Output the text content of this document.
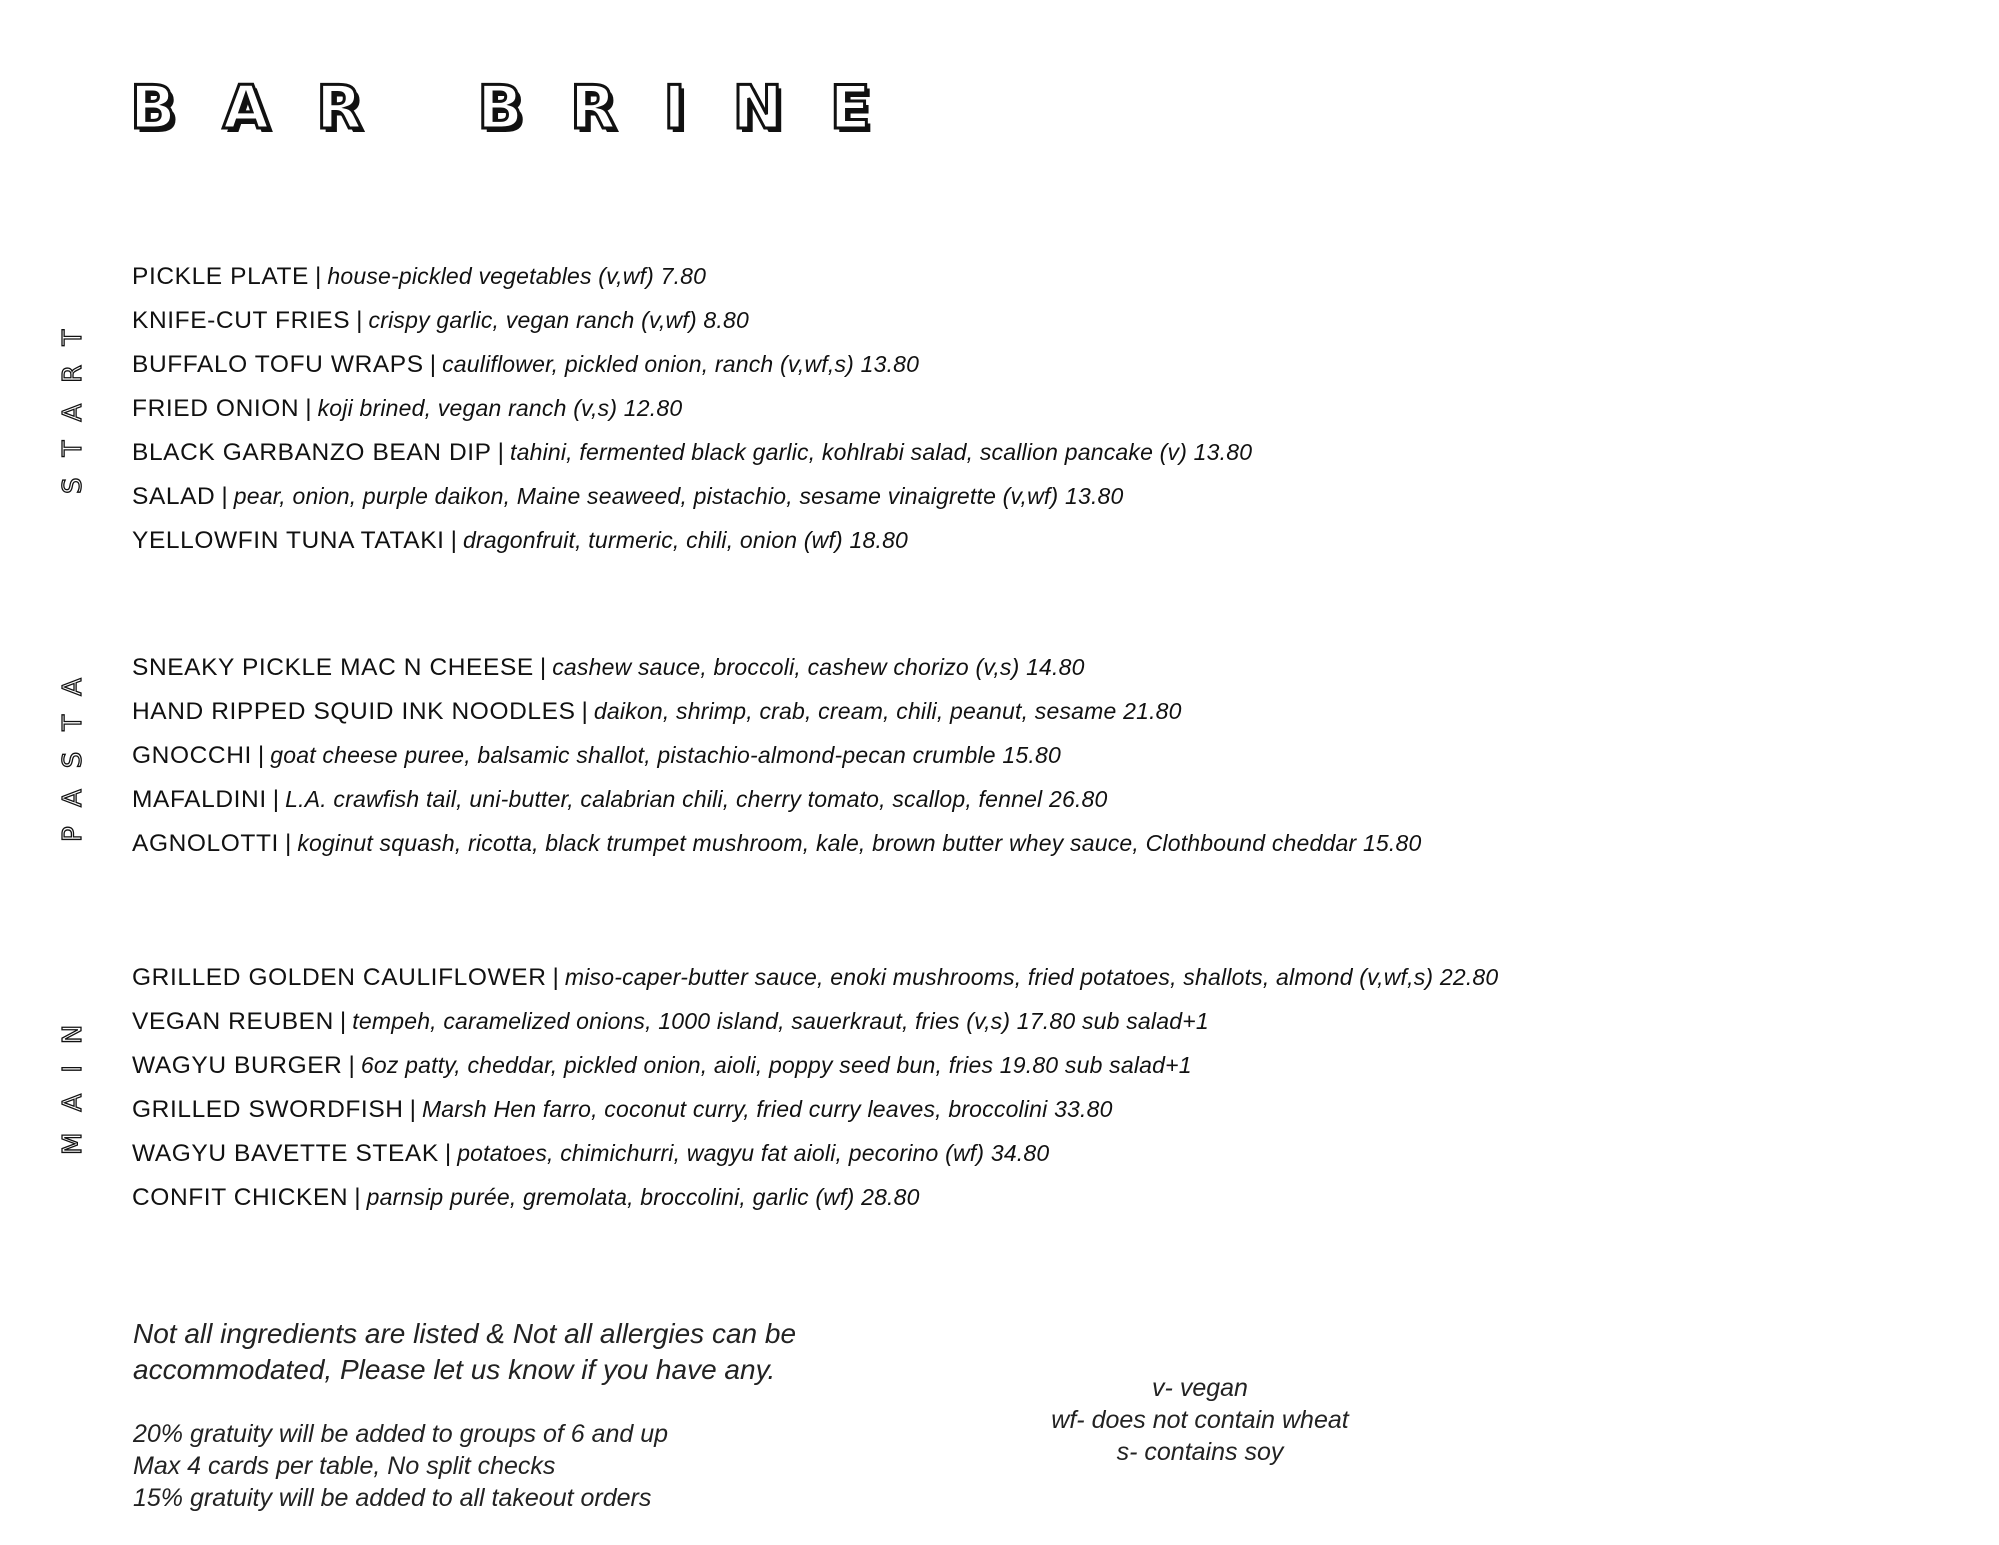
BAR BRINE
START
PICKLE PLATE | house-pickled vegetables (v,wf) 7.80
KNIFE-CUT FRIES | crispy garlic, vegan ranch (v,wf) 8.80
BUFFALO TOFU WRAPS | cauliflower, pickled onion, ranch (v,wf,s) 13.80
FRIED ONION | koji brined, vegan ranch (v,s) 12.80
BLACK GARBANZO BEAN DIP | tahini, fermented black garlic, kohlrabi salad, scallion pancake (v) 13.80
SALAD | pear, onion, purple daikon, Maine seaweed, pistachio, sesame vinaigrette (v,wf) 13.80
YELLOWFIN TUNA TATAKI | dragonfruit, turmeric, chili, onion (wf) 18.80
PASTA SNEAKY PICKLE MAC N CHEESE | cashew sauce, broccoli, cashew chorizo (v,s) 14.80
HAND RIPPED SQUID INK NOODLES | daikon, shrimp, crab, cream, chili, peanut, sesame 21.80
GNOCCHI | goat cheese puree, balsamic shallot, pistachio-almond-pecan crumble 15.80
MAFALDINI | L.A. crawfish tail, uni-butter, calabrian chili, cherry tomato, scallop, fennel 26.80
AGNOLOTTI | koginut squash, ricotta, black trumpet mushroom, kale, brown butter whey sauce, Clothbound cheddar 15.80
MAIN
GRILLED GOLDEN CAULIFLOWER | miso-caper-butter sauce, enoki mushrooms, fried potatoes, shallots, almond (v,wf,s) 22.80
VEGAN REUBEN | tempeh, caramelized onions, 1000 island, sauerkraut, fries (v,s) 17.80 sub salad+1
WAGYU BURGER | 6oz patty, cheddar, pickled onion, aioli, poppy seed bun, fries 19.80 sub salad+1
GRILLED SWORDFISH | Marsh Hen farro, coconut curry, fried curry leaves, broccolini 33.80
WAGYU BAVETTE STEAK | potatoes, chimichurri, wagyu fat aioli, pecorino (wf) 34.80
CONFIT CHICKEN | parnsip purée, gremolata, broccolini, garlic (wf) 28.80
Not all ingredients are listed & Not all allergies can be
accommodated, Please let us know if you have any.
20% gratuity will be added to groups of 6 and up
Max 4 cards per table, No split checks
15% gratuity will be added to all takeout orders
v- vegan
wf- does not contain wheat
s- contains soy
